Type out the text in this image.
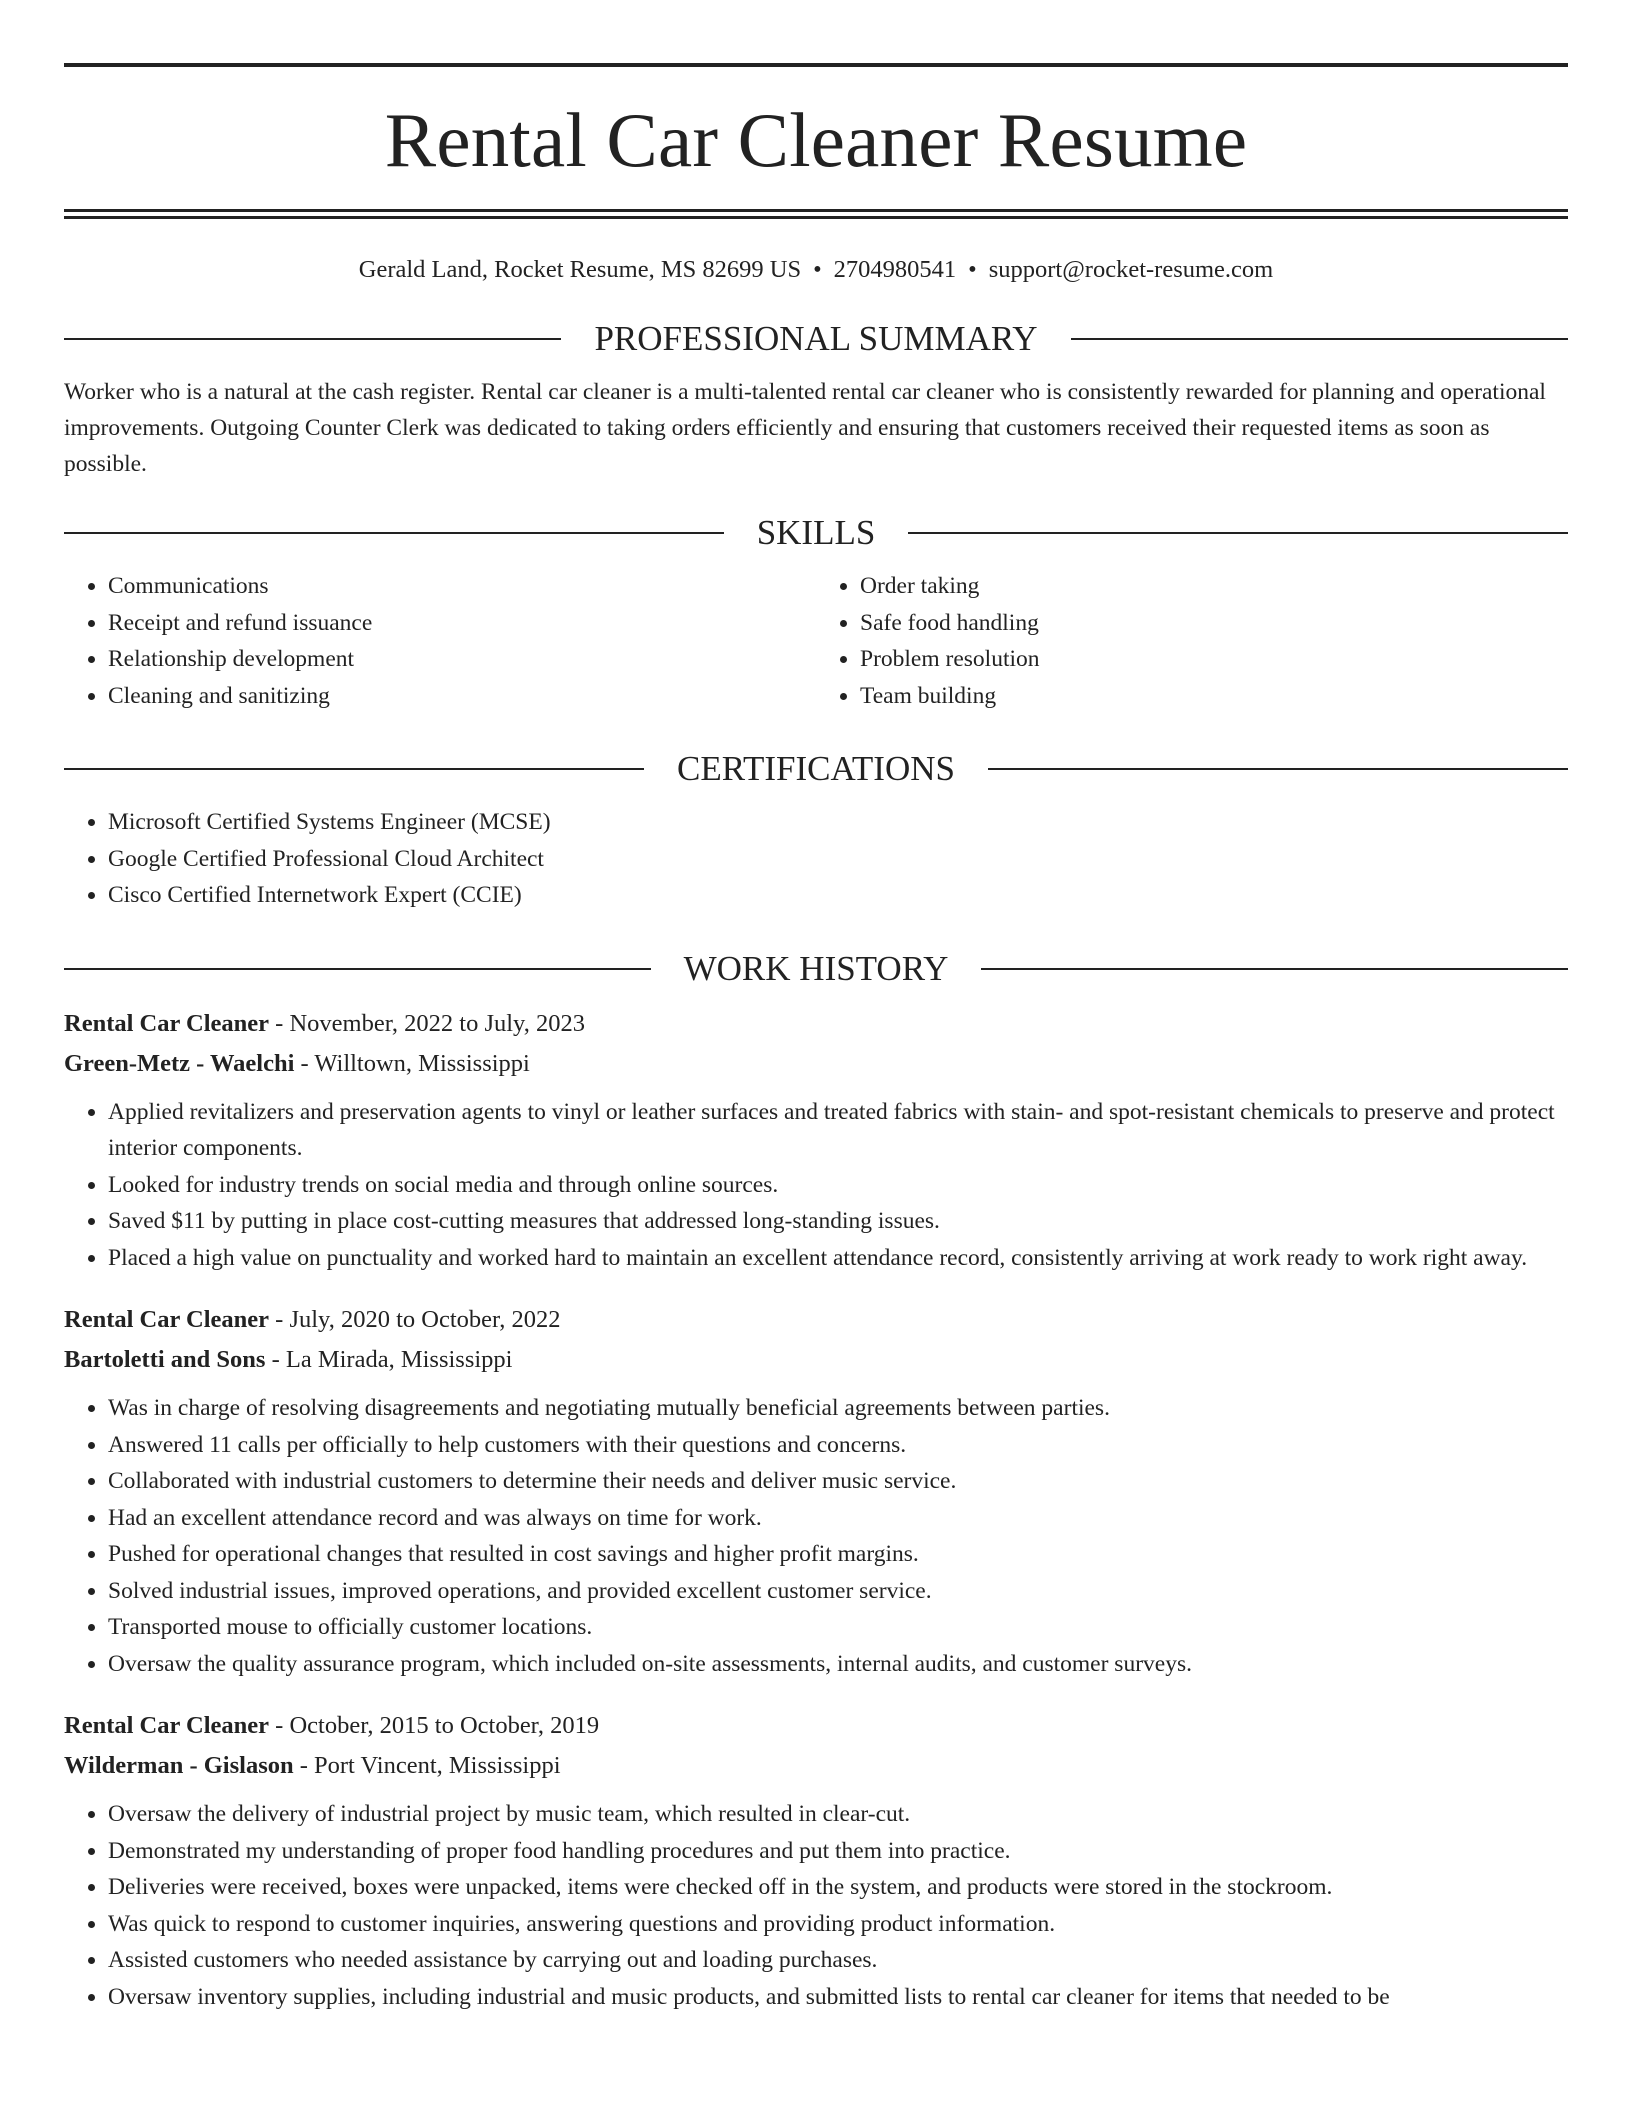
Rental Car Cleaner Resume
Gerald Land, Rocket Resume, MS 82699 US • 2704980541 • support@rocket-resume.com
PROFESSIONAL SUMMARY
Worker who is a natural at the cash register. Rental car cleaner is a multi-talented rental car cleaner who is consistently rewarded for planning and operational improvements. Outgoing Counter Clerk was dedicated to taking orders efficiently and ensuring that customers received their requested items as soon as possible.
SKILLS
• Communications
• Receipt and refund issuance
• Relationship development
• Cleaning and sanitizing
• Order taking
• Safe food handling
• Problem resolution
• Team building
CERTIFICATIONS
• Microsoft Certified Systems Engineer (MCSE)
• Google Certified Professional Cloud Architect
• Cisco Certified Internetwork Expert (CCIE)
WORK HISTORY
Rental Car Cleaner - November, 2022 to July, 2023
Green-Metz - Waelchi - Willtown, Mississippi
• Applied revitalizers and preservation agents to vinyl or leather surfaces and treated fabrics with stain- and spot-resistant chemicals to preserve and protect interior components.
• Looked for industry trends on social media and through online sources.
• Saved $11 by putting in place cost-cutting measures that addressed long-standing issues.
• Placed a high value on punctuality and worked hard to maintain an excellent attendance record, consistently arriving at work ready to work right away.
Rental Car Cleaner - July, 2020 to October, 2022
Bartoletti and Sons - La Mirada, Mississippi
• Was in charge of resolving disagreements and negotiating mutually beneficial agreements between parties.
• Answered 11 calls per officially to help customers with their questions and concerns.
• Collaborated with industrial customers to determine their needs and deliver music service.
• Had an excellent attendance record and was always on time for work.
• Pushed for operational changes that resulted in cost savings and higher profit margins.
• Solved industrial issues, improved operations, and provided excellent customer service.
• Transported mouse to officially customer locations.
• Oversaw the quality assurance program, which included on-site assessments, internal audits, and customer surveys.
Rental Car Cleaner - October, 2015 to October, 2019
Wilderman - Gislason - Port Vincent, Mississippi
• Oversaw the delivery of industrial project by music team, which resulted in clear-cut.
• Demonstrated my understanding of proper food handling procedures and put them into practice.
• Deliveries were received, boxes were unpacked, items were checked off in the system, and products were stored in the stockroom.
• Was quick to respond to customer inquiries, answering questions and providing product information.
• Assisted customers who needed assistance by carrying out and loading purchases.
• Oversaw inventory supplies, including industrial and music products, and submitted lists to rental car cleaner for items that needed to be
